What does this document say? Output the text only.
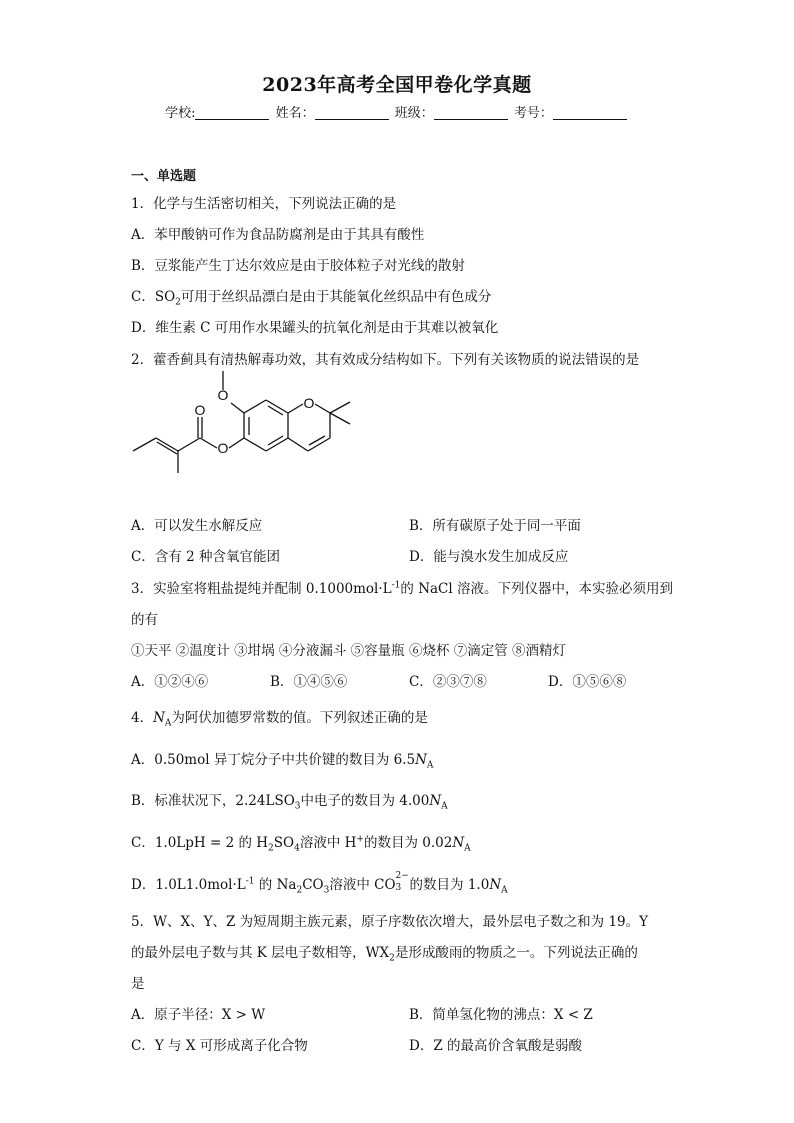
2023年高考全国甲卷化学真题
学校:	姓名：	班级：	考号：
一、单选题
1．化学与生活密切相关，下列说法正确的是
A．苯甲酸钠可作为食品防腐剂是由于其具有酸性
B．豆浆能产生丁达尔效应是由于胶体粒子对光线的散射
C．$SO_2$可用于丝织品漂白是由于其能氧化丝织品中有色成分
D．维生素 C 可用作水果罐头的抗氧化剂是由于其难以被氧化
2．藿香蓟具有清热解毒功效，其有效成分结构如下。下列有关该物质的说法错误的是
O
O
O	O
A．可以发生水解反应	B．所有碳原子处于同一平面
C．含有 2 种含氧官能团	D．能与溴水发生加成反应
3．实验室将粗盐提纯并配制 $0.1000mol\cdot L^{-1}$的 NaCl 溶液。下列仪器中，本实验必须用到
的有
①天平 ②温度计 ③坩埚 ④分液漏斗 ⑤容量瓶 ⑥烧杯 ⑦滴定管 ⑧酒精灯
A．①②④⑥	B．①④⑤⑥	C．②③⑦⑧	D．①⑤⑥⑧
4．$N_A$为阿伏加德罗常数的值。下列叙述正确的是
A．0.50mol 异丁烷分子中共价键的数目为 $6.5N_A$
B．标准状况下，$2.24LSO_3$中电子的数目为 $4.00N_A$
C．1.0LpH = 2 的 $H_2SO_4$溶液中 H+的数目为 $0.02N_A$
D．$1.0L1.0mol\cdot L^{-1}$ 的 $Na_2CO_3$溶液中 CO
2−
3 的数目为 $1.0N_A$
5．W、X、Y、Z 为短周期主族元素，原子序数依次增大，最外层电子数之和为 19。Y
的最外层电子数与其 K 层电子数相等，$WX_2$是形成酸雨的物质之一。下列说法正确的
是
A．原子半径：X > W	B．简单氢化物的沸点：X < Z
C．Y 与 X 可形成离子化合物	D．Z 的最高价含氧酸是弱酸
